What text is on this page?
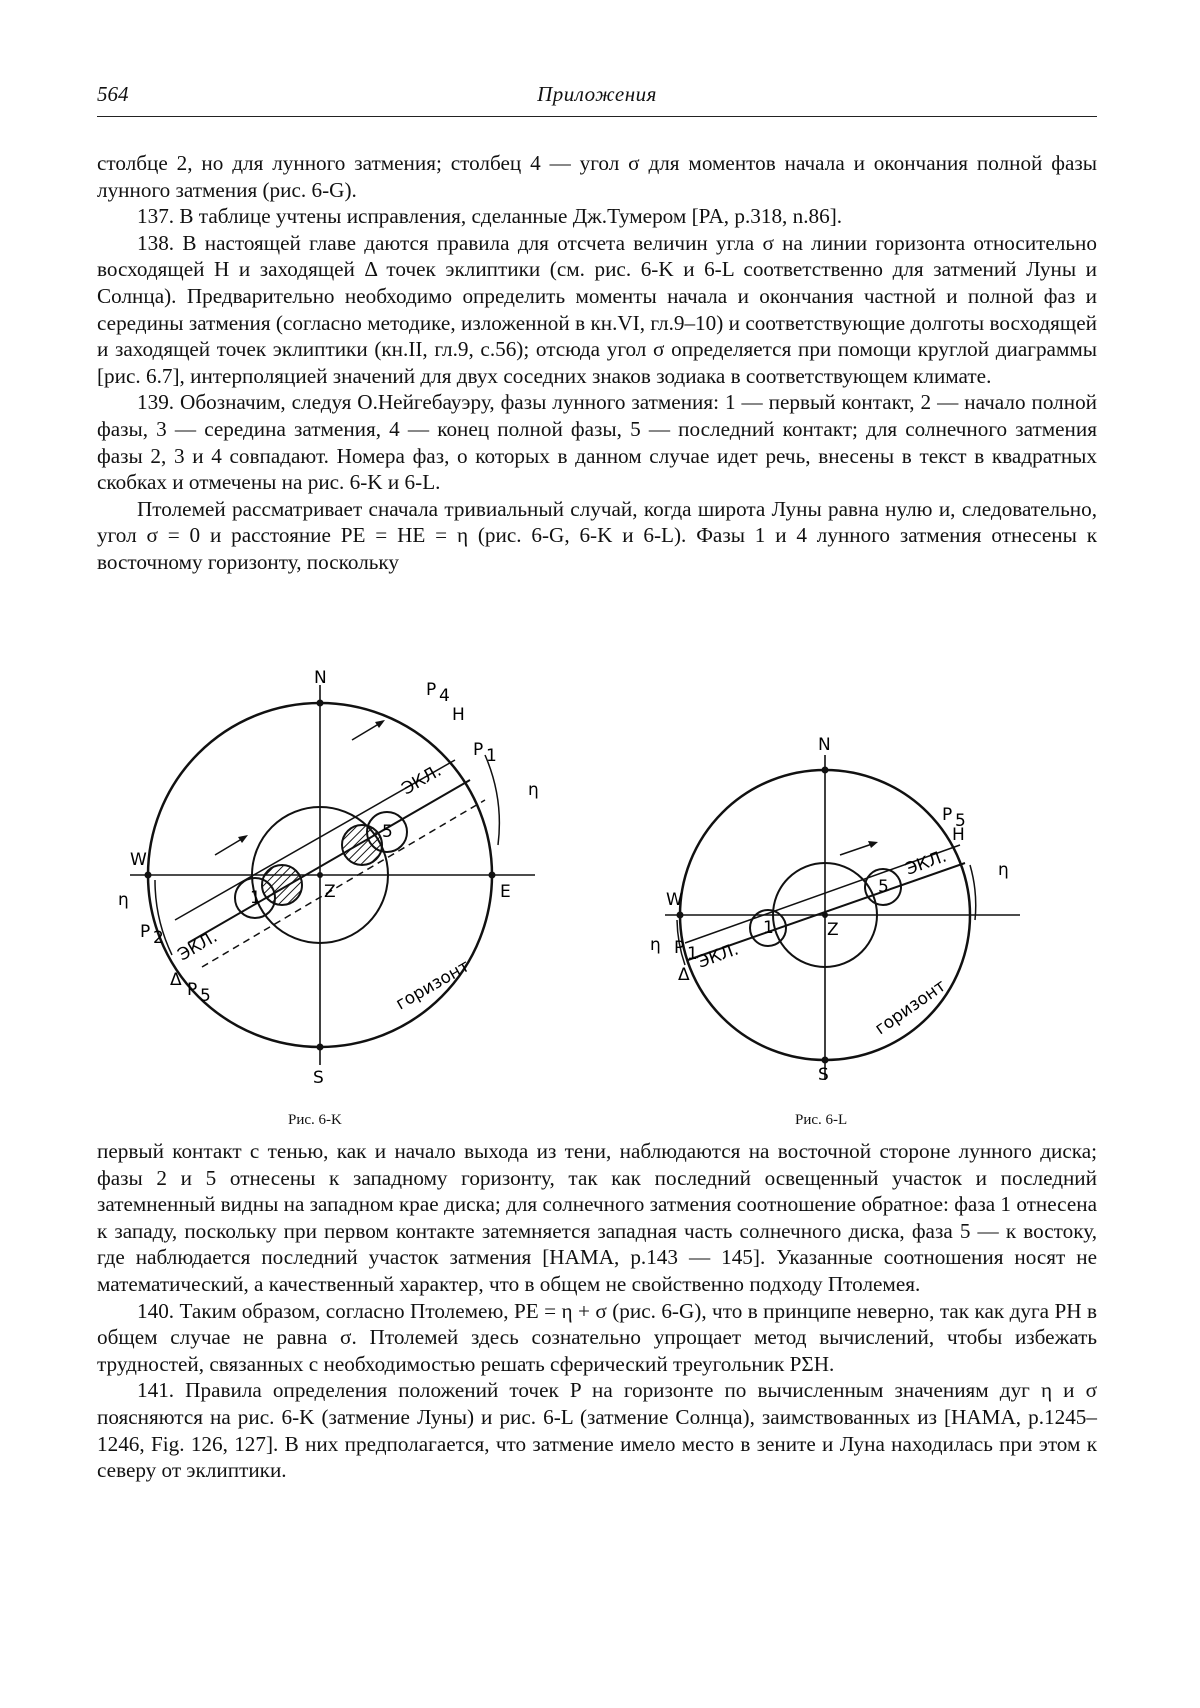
564	Приложения

столбце 2, но для лунного затмения; столбец 4 — угол σ для моментов начала и окончания полной фазы лунного затмения (рис. 6-G).

137. В таблице учтены исправления, сделанные Дж.Тумером [PA, p.318, n.86].

138. В настоящей главе даются правила для отсчета величин угла σ на линии горизонта относительно восходящей H и заходящей Δ точек эклиптики (см. рис. 6-K и 6-L соответственно для затмений Луны и Солнца). Предварительно необходимо определить моменты начала и окончания частной и полной фаз и середины затмения (согласно методике, изложенной в кн.VI, гл.9–10) и соответствующие долготы восходящей и заходящей точек эклиптики (кн.II, гл.9, с.56); отсюда угол σ определяется при помощи круглой диаграммы [рис. 6.7], интерполяцией значений для двух соседних знаков зодиака в соответствующем климате.

139. Обозначим, следуя О.Нейгебауэру, фазы лунного затмения: 1 — первый контакт, 2 — начало полной фазы, 3 — середина затмения, 4 — конец полной фазы, 5 — последний контакт; для солнечного затмения фазы 2, 3 и 4 совпадают. Номера фаз, о которых в данном случае идет речь, внесены в текст в квадратных скобках и отмечены на рис. 6-K и 6-L.

Птолемей рассматривает сначала тривиальный случай, когда широта Луны равна нулю и, следовательно, угол σ = 0 и расстояние PE = HE = η (рис. 6-G, 6-K и 6-L). Фазы 1 и 4 лунного затмения отнесены к восточному горизонту, поскольку

N
S
W
E
Z
H
Δ
P 1
P 2
P 4
P 5
η
η
ЭКЛ.
ЭКЛ.
горизонт
1
5
Рис. 6-K
N
S
W
Z
H
Δ
P 1
P 5
η
η
ЭКЛ.
ЭКЛ.
горизонт
1
5
Рис. 6-L

первый контакт с тенью, как и начало выхода из тени, наблюдаются на восточной стороне лунного диска; фазы 2 и 5 отнесены к западному горизонту, так как последний освещенный участок и последний затемненный видны на западном крае диска; для солнечного затмения соотношение обратное: фаза 1 отнесена к западу, поскольку при первом контакте затемняется западная часть солнечного диска, фаза 5 — к востоку, где наблюдается последний участок затмения [HAMA, p.143 — 145]. Указанные соотношения носят не математический, а качественный характер, что в общем не свойственно подходу Птолемея.

140. Таким образом, согласно Птолемею, PE = η + σ (рис. 6-G), что в принципе неверно, так как дуга PH в общем случае не равна σ. Птолемей здесь сознательно упрощает метод вычислений, чтобы избежать трудностей, связанных с необходимостью решать сферический треугольник PΣH.

141. Правила определения положений точек P на горизонте по вычисленным значениям дуг η и σ поясняются на рис. 6-K (затмение Луны) и рис. 6-L (затмение Солнца), заимствованных из [HAMA, p.1245–1246, Fig. 126, 127]. В них предполагается, что затмение имело место в зените и Луна находилась при этом к северу от эклиптики.
